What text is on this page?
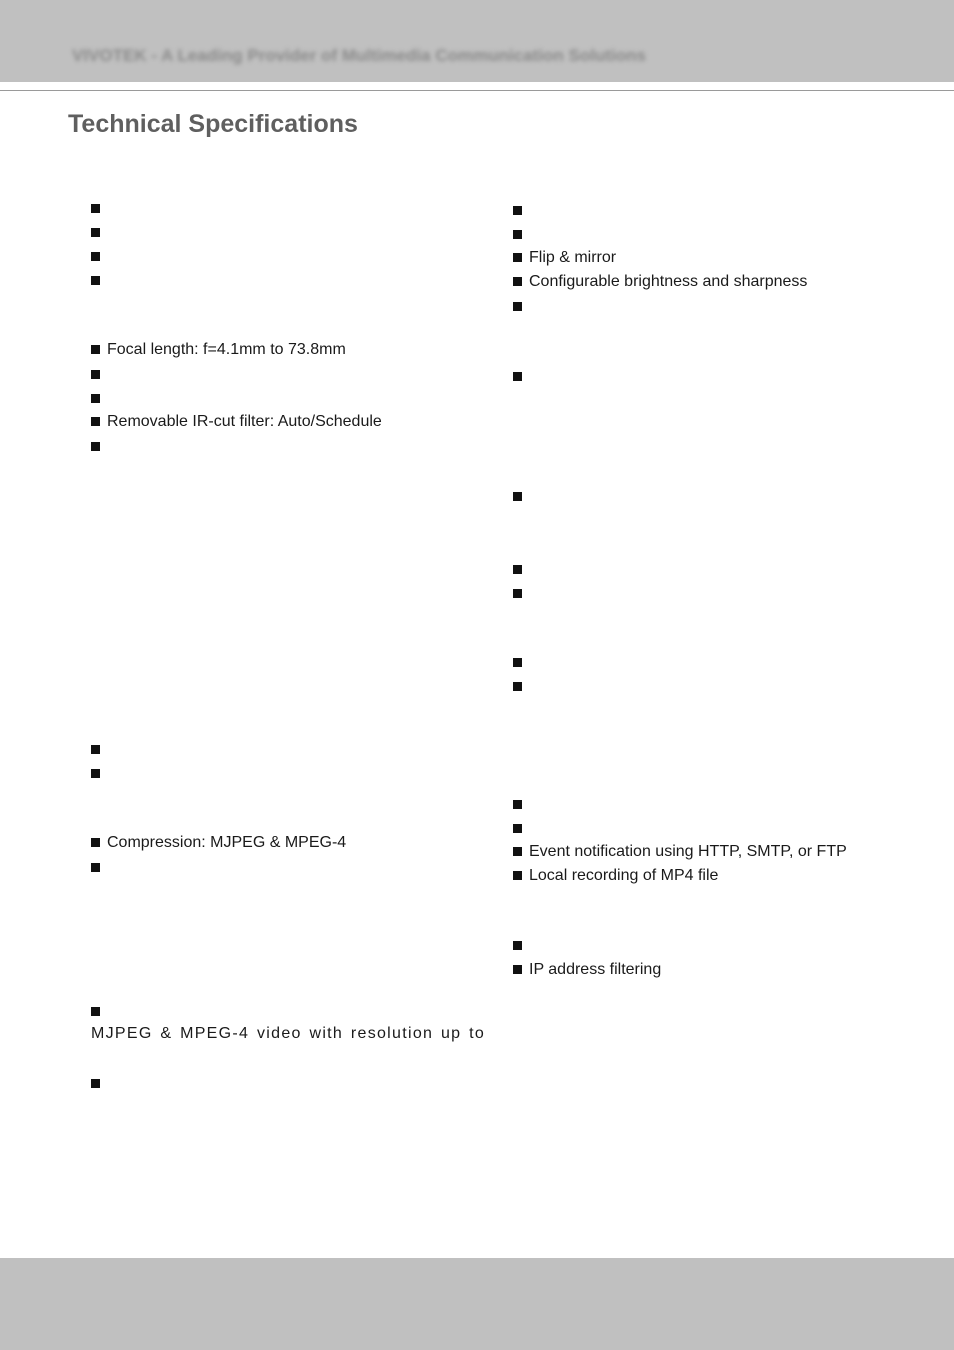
VIVOTEK - A Leading Provider of Multimedia Communication Solutions
Technical Specifications
Focal length: f=4.1mm to 73.8mm
Removable IR-cut filter: Auto/Schedule
Compression: MJPEG & MPEG-4
MJPEG & MPEG-4 video with resolution up to
Flip & mirror
Configurable brightness and sharpness
Event notification using HTTP, SMTP, or FTP
Local recording of MP4 file
IP address filtering
